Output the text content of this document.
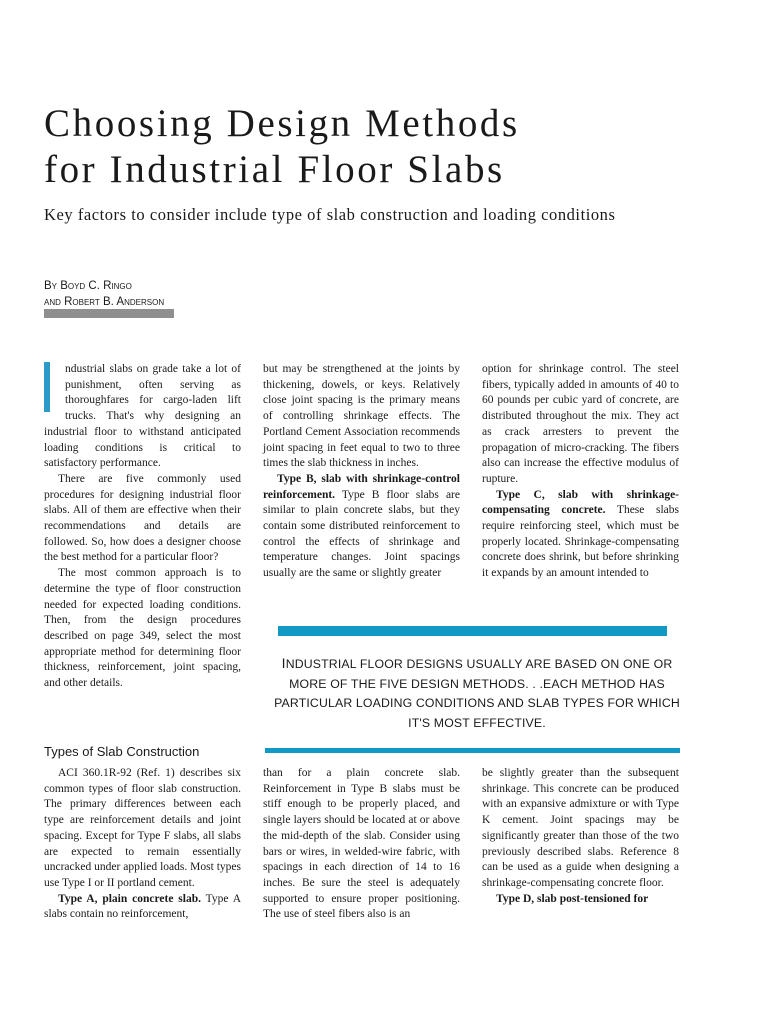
Choosing Design Methods
for Industrial Floor Slabs
Key factors to consider include type of slab construction and loading conditions
By Boyd C. Ringo
and Robert B. Anderson

ndustrial slabs on grade take a lot of punishment, often serving as thoroughfares for cargo-laden lift trucks. That's why designing an industrial floor to withstand anticipated loading conditions is critical to satisfactory performance.

There are five commonly used procedures for designing industrial floor slabs. All of them are effective when their recommendations and details are followed. So, how does a designer choose the best method for a particular floor?

The most common approach is to determine the type of floor construction needed for expected loading conditions. Then, from the design procedures described on page 349, select the most appropriate method for determining floor thickness, reinforcement, joint spacing, and other details.

but may be strengthened at the joints by thickening, dowels, or keys. Relatively close joint spacing is the primary means of controlling shrinkage effects. The Portland Cement Association recommends joint spacing in feet equal to two to three times the slab thickness in inches.

Type B, slab with shrinkage-control reinforcement. Type B floor slabs are similar to plain concrete slabs, but they contain some distributed reinforcement to control the effects of shrinkage and temperature changes. Joint spacings usually are the same or slightly greater

option for shrinkage control. The steel fibers, typically added in amounts of 40 to 60 pounds per cubic yard of concrete, are distributed throughout the mix. They act as crack arresters to prevent the propagation of micro-cracking. The fibers also can increase the effective modulus of rupture.

Type C, slab with shrinkage-compensating concrete. These slabs require reinforcing steel, which must be properly located. Shrinkage-compensating concrete does shrink, but before shrinking it expands by an amount intended to

INDUSTRIAL FLOOR DESIGNS USUALLY ARE BASED ON ONE OR MORE OF THE FIVE DESIGN METHODS. . .EACH METHOD HAS PARTICULAR LOADING CONDITIONS AND SLAB TYPES FOR WHICH IT'S MOST EFFECTIVE.
Types of Slab Construction

ACI 360.1R-92 (Ref. 1) describes six common types of floor slab construction. The primary differences between each type are reinforcement details and joint spacing. Except for Type F slabs, all slabs are expected to remain essentially uncracked under applied loads. Most types use Type I or II portland cement.

Type A, plain concrete slab. Type A slabs contain no reinforcement,

than for a plain concrete slab. Reinforcement in Type B slabs must be stiff enough to be properly placed, and single layers should be located at or above the mid-depth of the slab. Consider using bars or wires, in welded-wire fabric, with spacings in each direction of 14 to 16 inches. Be sure the steel is adequately supported to ensure proper positioning. The use of steel fibers also is an

be slightly greater than the subsequent shrinkage. This concrete can be produced with an expansive admixture or with Type K cement. Joint spacings may be significantly greater than those of the two previously described slabs. Reference 8 can be used as a guide when designing a shrinkage-compensating concrete floor.

Type D, slab post-tensioned for
